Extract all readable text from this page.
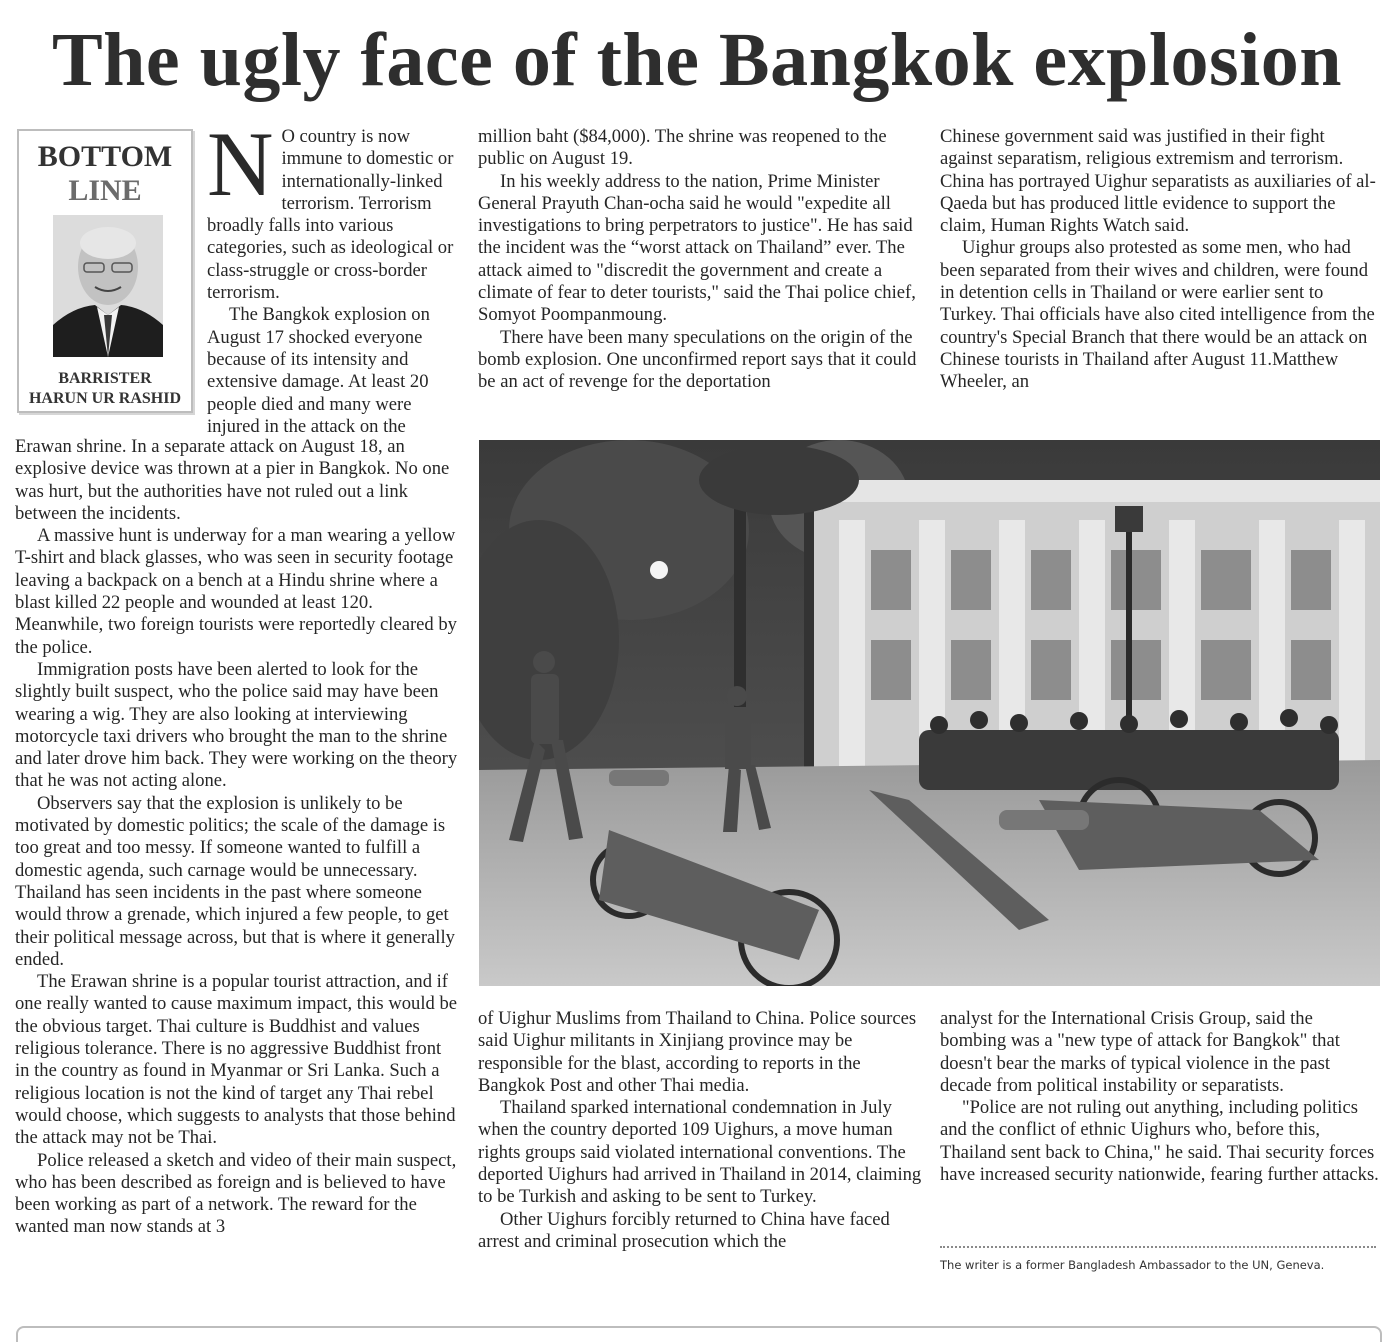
The ugly face of the Bangkok explosion
BOTTOM
LINE
BARRISTER
HARUN UR RASHID

N O country is now immune to domestic or internationally-linked terrorism. Terrorism broadly falls into various categories, such as ideological or class-struggle or cross-border terrorism.

The Bangkok explosion on August 17 shocked everyone because of its intensity and extensive damage. At least 20 people died and many were injured in the attack on the

Erawan shrine. In a separate attack on August 18, an explosive device was thrown at a pier in Bangkok. No one was hurt, but the authorities have not ruled out a link between the incidents.

A massive hunt is underway for a man wearing a yellow T-shirt and black glasses, who was seen in security footage leaving a backpack on a bench at a Hindu shrine where a blast killed 22 people and wounded at least 120. Meanwhile, two foreign tourists were reportedly cleared by the police.

Immigration posts have been alerted to look for the slightly built suspect, who the police said may have been wearing a wig. They are also looking at interviewing motorcycle taxi drivers who brought the man to the shrine and later drove him back. They were working on the theory that he was not acting alone.

Observers say that the explosion is unlikely to be motivated by domestic politics; the scale of the damage is too great and too messy. If someone wanted to fulfill a domestic agenda, such carnage would be unnecessary. Thailand has seen incidents in the past where someone would throw a grenade, which injured a few people, to get their political message across, but that is where it generally ended.

The Erawan shrine is a popular tourist attraction, and if one really wanted to cause maximum impact, this would be the obvious target. Thai culture is Buddhist and values religious tolerance. There is no aggressive Buddhist front in the country as found in Myanmar or Sri Lanka. Such a religious location is not the kind of target any Thai rebel would choose, which suggests to analysts that those behind the attack may not be Thai.

Police released a sketch and video of their main suspect, who has been described as foreign and is believed to have been working as part of a network. The reward for the wanted man now stands at 3

million baht ($84,000). The shrine was reopened to the public on August 19.

In his weekly address to the nation, Prime Minister General Prayuth Chan-ocha said he would "expedite all investigations to bring perpetrators to justice". He has said the incident was the “worst attack on Thailand” ever. The attack aimed to "discredit the government and create a climate of fear to deter tourists," said the Thai police chief, Somyot Poompanmoung.

There have been many speculations on the origin of the bomb explosion. One unconfirmed report says that it could be an act of revenge for the deportation

Chinese government said was justified in their fight against separatism, religious extremism and terrorism. China has portrayed Uighur separatists as auxiliaries of al-Qaeda but has produced little evidence to support the claim, Human Rights Watch said.

Uighur groups also protested as some men, who had been separated from their wives and children, were found in detention cells in Thailand or were earlier sent to Turkey. Thai officials have also cited intelligence from the country's Special Branch that there would be an attack on Chinese tourists in Thailand after August 11.Matthew Wheeler, an

of Uighur Muslims from Thailand to China. Police sources said Uighur militants in Xinjiang province may be responsible for the blast, according to reports in the Bangkok Post and other Thai media.

Thailand sparked international condemnation in July when the country deported 109 Uighurs, a move human rights groups said violated international conventions. The deported Uighurs had arrived in Thailand in 2014, claiming to be Turkish and asking to be sent to Turkey.

Other Uighurs forcibly returned to China have faced arrest and criminal prosecution which the

analyst for the International Crisis Group, said the bombing was a "new type of attack for Bangkok" that doesn't bear the marks of typical violence in the past decade from political instability or separatists.

"Police are not ruling out anything, including politics and the conflict of ethnic Uighurs who, before this, Thailand sent back to China," he said. Thai security forces have increased security nationwide, fearing further attacks.

The writer is a former Bangladesh Ambassador to the UN, Geneva.
